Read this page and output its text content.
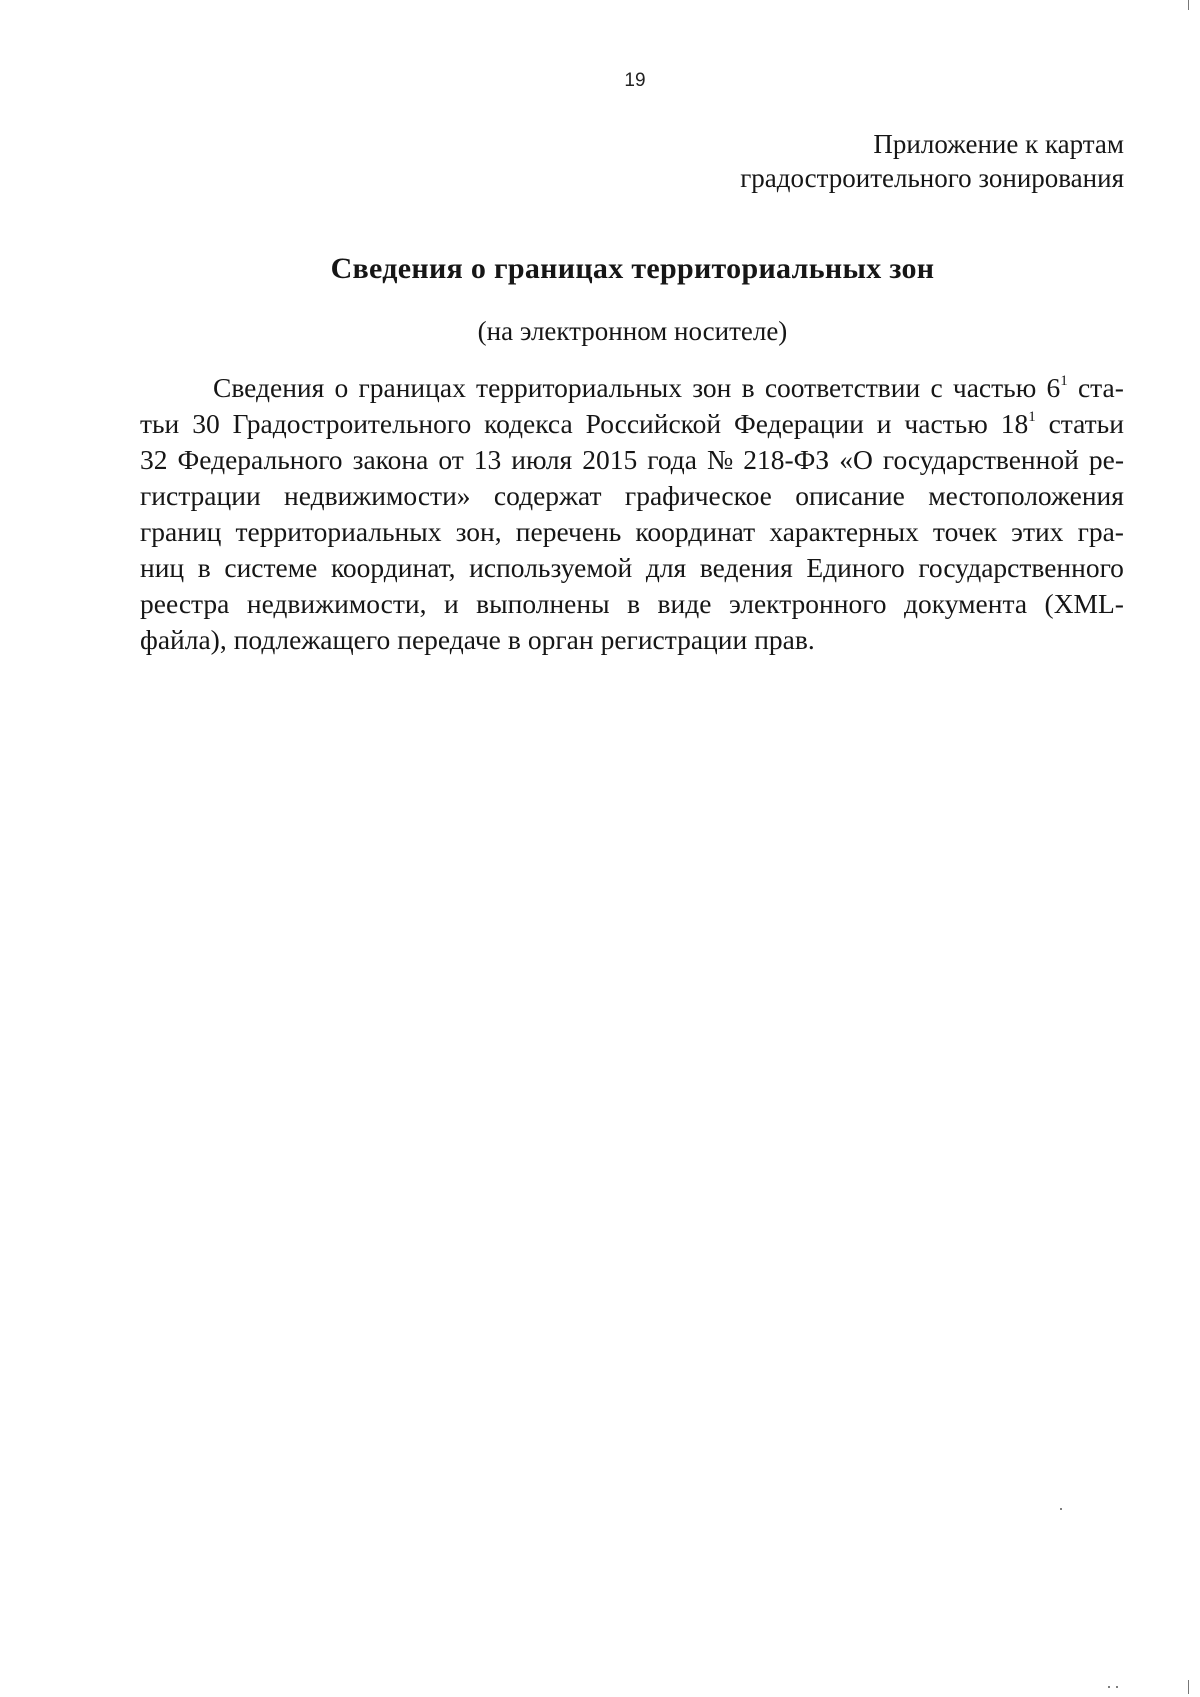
19
Приложение к картам
градостроительного зонирования
Сведения о границах территориальных зон
(на электронном носителе)
Сведения о границах территориальных зон в соответствии с частью $6^1$ ста-
тьи 30 Градостроительного кодекса Российской Федерации и частью $18^1$ статьи
32 Федерального закона от 13 июля 2015 года № 218-ФЗ «О государственной ре-
гистрации недвижимости» содержат графическое описание местоположения
границ территориальных зон, перечень координат характерных точек этих гра-
ниц в системе координат, используемой для ведения Единого государственного
реестра недвижимости, и выполнены в виде электронного документа (XML-
файла), подлежащего передаче в орган регистрации прав.
